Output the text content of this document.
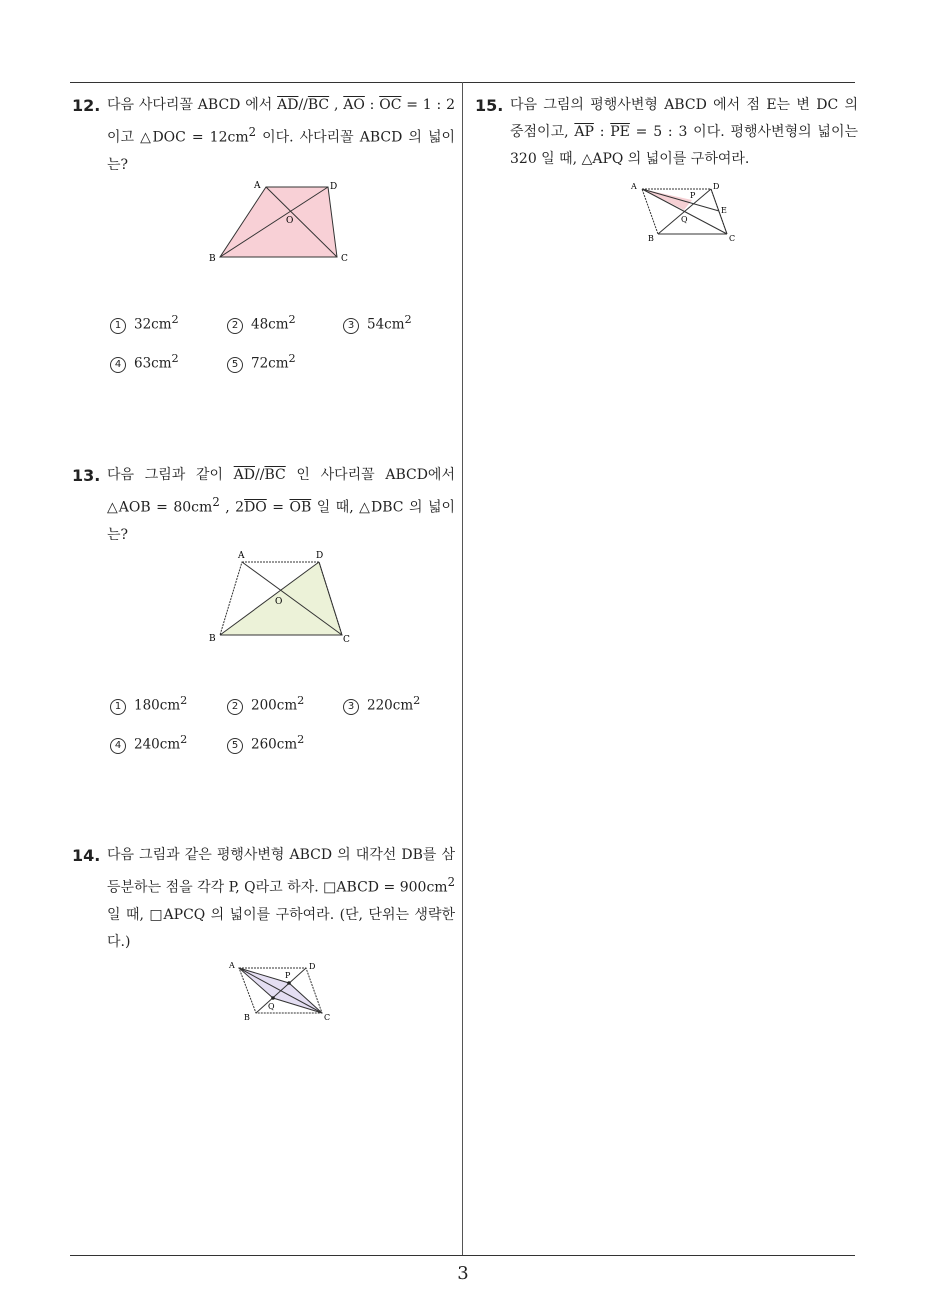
12. 다음 사다리꼴 ABCD 에서 $\overline{AD}//\overline{BC}$ , $\overline{AO}$ : $\overline{OC} = 1$ : 2 이고 △DOC = $12cm^2$ 이다. 사다리꼴 ABCD 의 넓이는?
A	D
O
B	C
1 $32cm^2$	2 $48cm^2$	3 $54cm^2$
4 $63cm^2$	5 $72cm^2$
13. 다음 그림과 같이 $\overline{AD}//\overline{BC}$ 인 사다리꼴 ABCD에서 △AOB = $80cm^2$ , $2\overline{DO} = \overline{OB}$ 일 때, △DBC 의 넓이는?
A	D
O
B	C
1 $180cm^2$	2 $200cm^2$	3 $220cm^2$
4 $240cm^2$	5 $260cm^2$
14. 다음 그림과 같은 평행사변형 ABCD 의 대각선 DB를 삼등분하는 점을 각각 P, Q라고 하자. □ABCD = $900cm^2$ 일 때, □APCQ 의 넓이를 구하여라. (단, 단위는 생략한다.)
A	D
P
Q
B	C
15. 다음 그림의 평행사변형 ABCD 에서 점 E는 변 DC 의 중점이고, $\overline{AP}$ : $\overline{PE} = 5$ : 3 이다. 평행사변형의 넓이는 320 일 때, △APQ 의 넓이를 구하여라.
A	D
P
E
Q
B	C
3
